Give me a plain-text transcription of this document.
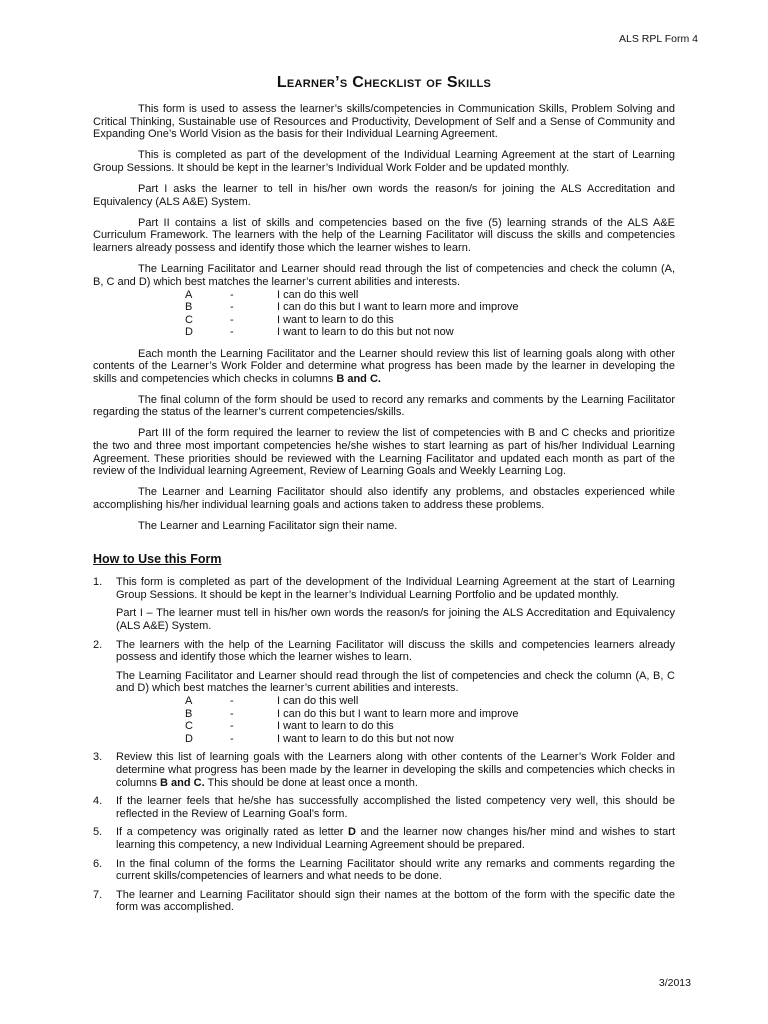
ALS RPL Form 4
Learner’s Checklist of Skills

This form is used to assess the learner’s skills/competencies in Communication Skills, Problem Solving and Critical Thinking, Sustainable use of Resources and Productivity, Development of Self and a Sense of Community and Expanding One’s World Vision as the basis for their Individual Learning Agreement.

This is completed as part of the development of the Individual Learning Agreement at the start of Learning Group Sessions. It should be kept in the learner’s Individual Work Folder and be updated monthly.

Part I asks the learner to tell in his/her own words the reason/s for joining the ALS Accreditation and Equivalency (ALS A&E) System.

Part II contains a list of skills and competencies based on the five (5) learning strands of the ALS A&E Curriculum Framework. The learners with the help of the Learning Facilitator will discuss the skills and competencies learners already possess and identify those which the learner wishes to learn.

The Learning Facilitator and Learner should read through the list of competencies and check the column (A, B, C and D) which best matches the learner’s current abilities and interests.

A	-	I can do this well
B	-	I can do this but I want to learn more and improve
C	-	I want to learn to do this
D	-	I want to learn to do this but not now

Each month the Learning Facilitator and the Learner should review this list of learning goals along with other contents of the Learner’s Work Folder and determine what progress has been made by the learner in developing the skills and competencies which checks in columns B and C.

The final column of the form should be used to record any remarks and comments by the Learning Facilitator regarding the status of the learner’s current competencies/skills.

Part III of the form required the learner to review the list of competencies with B and C checks and prioritize the two and three most important competencies he/she wishes to start learning as part of his/her Individual Learning Agreement. These priorities should be reviewed with the Learning Facilitator and updated each month as part of the review of the Individual learning Agreement, Review of Learning Goals and Weekly Learning Log.

The Learner and Learning Facilitator should also identify any problems, and obstacles experienced while accomplishing his/her individual learning goals and actions taken to address these problems.

The Learner and Learning Facilitator sign their name.

How to Use this Form
1. This form is completed as part of the development of the Individual Learning Agreement at the start of Learning Group Sessions. It should be kept in the learner’s Individual Learning Portfolio and be updated monthly.
Part I – The learner must tell in his/her own words the reason/s for joining the ALS Accreditation and Equivalency (ALS A&E) System.
2. The learners with the help of the Learning Facilitator will discuss the skills and competencies learners already possess and identify those which the learner wishes to learn.
The Learning Facilitator and Learner should read through the list of competencies and check the column (A, B, C and D) which best matches the learner’s current abilities and interests.
A	-	I can do this well
B	-	I can do this but I want to learn more and improve
C	-	I want to learn to do this
D	-	I want to learn to do this but not now
3. Review this list of learning goals with the Learners along with other contents of the Learner’s Work Folder and determine what progress has been made by the learner in developing the skills and competencies which checks in columns B and C. This should be done at least once a month.
4. If the learner feels that he/she has successfully accomplished the listed competency very well, this should be reflected in the Review of Learning Goal’s form.
5. If a competency was originally rated as letter D and the learner now changes his/her mind and wishes to start learning this competency, a new Individual Learning Agreement should be prepared.
6. In the final column of the forms the Learning Facilitator should write any remarks and comments regarding the current skills/competencies of learners and what needs to be done.
7. The learner and Learning Facilitator should sign their names at the bottom of the form with the specific date the form was accomplished.
3/2013
